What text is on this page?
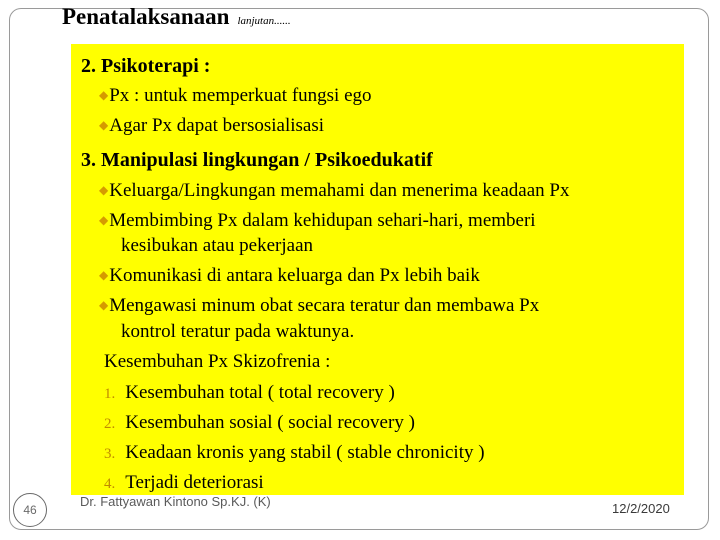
Penatalaksanaan lanjutan......
2. Psikoterapi :
◆Px : untuk memperkuat fungsi ego
◆Agar Px dapat bersosialisasi
3. Manipulasi lingkungan / Psikoedukatif
◆Keluarga/Lingkungan memahami dan menerima keadaan Px
◆Membimbing Px dalam kehidupan sehari-hari, memberi
kesibukan atau pekerjaan
◆Komunikasi di antara keluarga dan Px lebih baik
◆Mengawasi minum obat secara teratur dan membawa Px
kontrol teratur pada waktunya.
Kesembuhan Px Skizofrenia :
1. Kesembuhan total ( total recovery )
2. Kesembuhan sosial ( social recovery )
3. Keadaan kronis yang stabil ( stable chronicity )
4. Terjadi deteriorasi
46
Dr. Fattyawan Kintono Sp.KJ. (K)	12/2/2020
